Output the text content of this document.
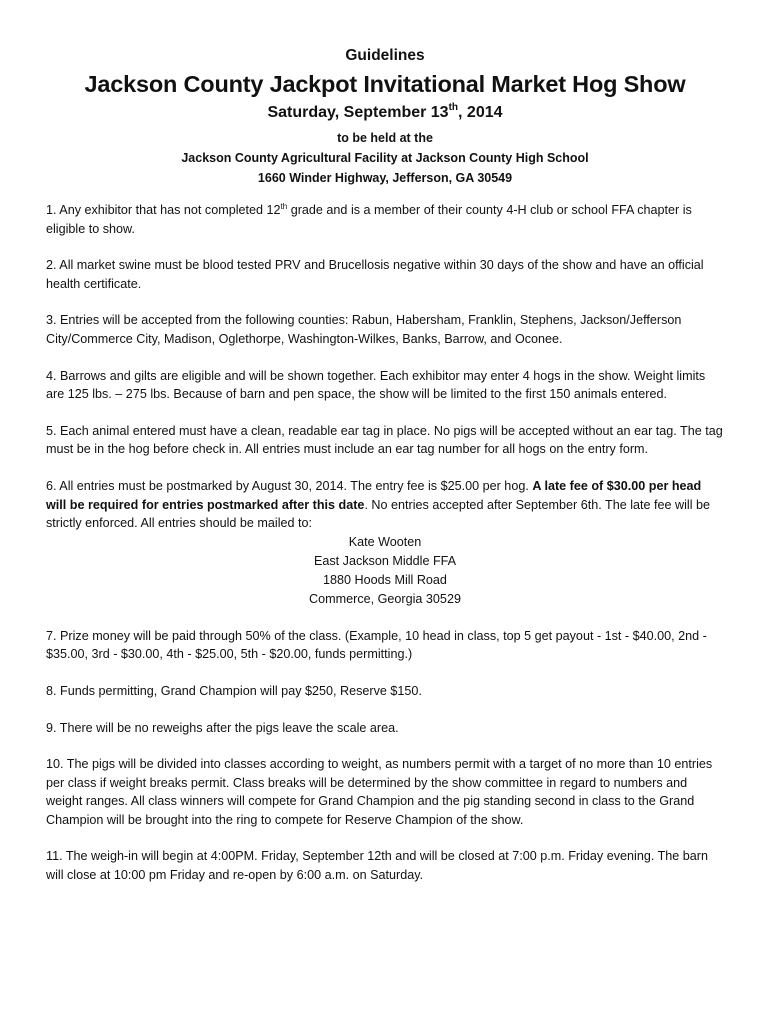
Guidelines
Jackson County Jackpot Invitational Market Hog Show
Saturday, September 13th, 2014
to be held at the
Jackson County Agricultural Facility at Jackson County High School
1660 Winder Highway, Jefferson, GA 30549

1. Any exhibitor that has not completed 12th grade and is a member of their county 4-H club or school FFA chapter is eligible to show.

2. All market swine must be blood tested PRV and Brucellosis negative within 30 days of the show and have an official health certificate.

3. Entries will be accepted from the following counties: Rabun, Habersham, Franklin, Stephens, Jackson/Jefferson City/Commerce City, Madison, Oglethorpe, Washington-Wilkes, Banks, Barrow, and Oconee.

4. Barrows and gilts are eligible and will be shown together. Each exhibitor may enter 4 hogs in the show. Weight limits are 125 lbs. – 275 lbs. Because of barn and pen space, the show will be limited to the first 150 animals entered.

5. Each animal entered must have a clean, readable ear tag in place. No pigs will be accepted without an ear tag. The tag must be in the hog before check in. All entries must include an ear tag number for all hogs on the entry form.

6. All entries must be postmarked by August 30, 2014. The entry fee is $25.00 per hog. A late fee of $30.00 per head will be required for entries postmarked after this date. No entries accepted after September 6th. The late fee will be strictly enforced. All entries should be mailed to:

Kate Wooten
East Jackson Middle FFA
1880 Hoods Mill Road
Commerce, Georgia 30529

7. Prize money will be paid through 50% of the class. (Example, 10 head in class, top 5 get payout - 1st - $40.00, 2nd - $35.00, 3rd - $30.00, 4th - $25.00, 5th - $20.00, funds permitting.)

8. Funds permitting, Grand Champion will pay $250, Reserve $150.

9. There will be no reweighs after the pigs leave the scale area.

10. The pigs will be divided into classes according to weight, as numbers permit with a target of no more than 10 entries per class if weight breaks permit. Class breaks will be determined by the show committee in regard to numbers and weight ranges. All class winners will compete for Grand Champion and the pig standing second in class to the Grand Champion will be brought into the ring to compete for Reserve Champion of the show.

11. The weigh-in will begin at 4:00PM. Friday, September 12th and will be closed at 7:00 p.m. Friday evening. The barn will close at 10:00 pm Friday and re-open by 6:00 a.m. on Saturday.
